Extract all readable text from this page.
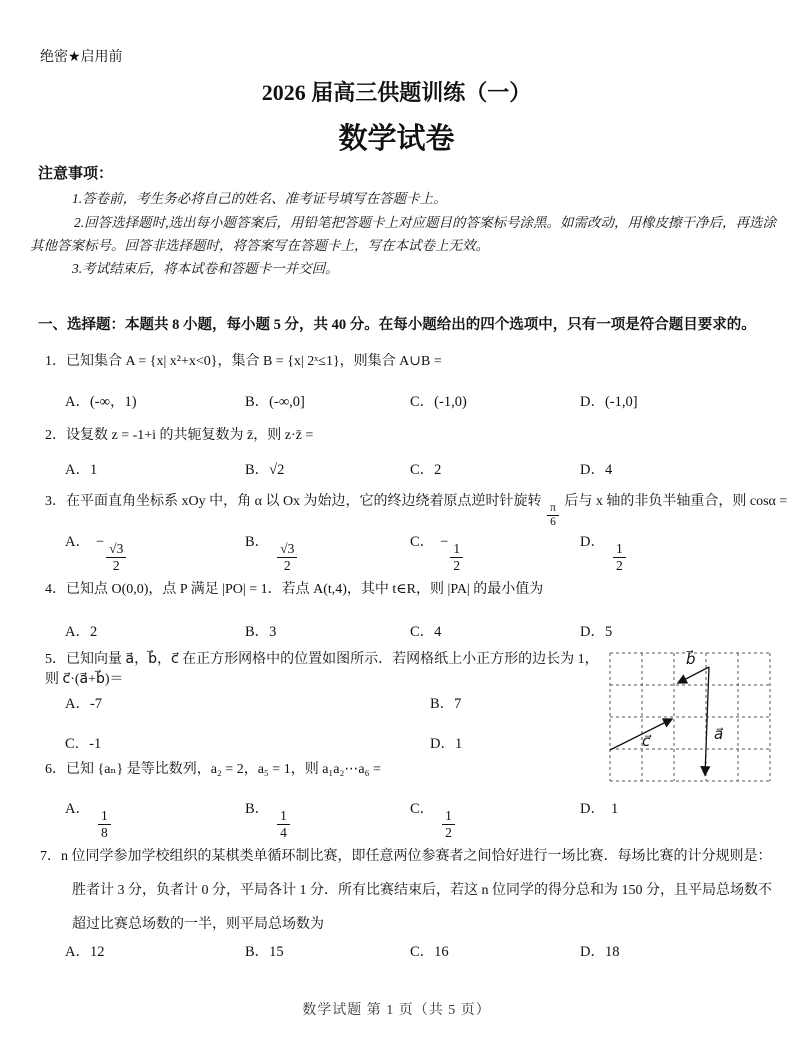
绝密★启用前
2026 届高三供题训练（一）
数学试卷
注意事项：
1.答卷前，考生务必将自己的姓名、准考证号填写在答题卡上。
2.回答选择题时,选出每小题答案后，用铅笔把答题卡上对应题目的答案标号涂黑。如需改动，用橡皮擦干净后，再选涂其他答案标号。回答非选择题时，将答案写在答题卡上，写在本试卷上无效。
3.考试结束后，将本试卷和答题卡一并交回。
一、选择题：本题共 8 小题，每小题 5 分，共 40 分。在每小题给出的四个选项中，只有一项是符合题目要求的。
1．已知集合 A = {x| x²+x<0}，集合 B = {x| 2ˣ≤1}，则集合 A∪B =
A．(-∞，1)	B．(-∞,0]	C．(-1,0)	D．(-1,0]
2．设复数 z = -1+i 的共轭复数为 z̄，则 z·z̄ =
A．1	B．√2	C．2	D．4
3．在平面直角坐标系 xOy 中，角 α 以 Ox 为始边，它的终边绕着原点逆时针旋转
$\frac{\pi}{6}$
后与 x 轴的非负半轴重合，则 cosα =
A． − $\frac{√3}{2}$	B． $\frac{√3}{2}$	C． − $\frac{1}{2}$	D． $\frac{1}{2}$
4．已知点 O(0,0)，点 P 满足 |PO| = 1．若点 A(t,4)，其中 t∈R，则 |PA| 的最小值为
A．2	B．3	C．4	D．5
5．已知向量 a⃗，b⃗，c⃗ 在正方形网格中的位置如图所示．若网格纸上小正方形的边长为 1，则 c⃗·(a⃗+b⃗)＝
b⃗
a⃗
c⃗
A．-7	B．7
C．-1	D．1
6．已知 {aₙ} 是等比数列，a₂ = 2，a₅ = 1，则 a₁a₂⋯a₆ =
A． $\frac{1}{8}$	B． $\frac{1}{4}$	C． $\frac{1}{2}$	D． 1
7．n 位同学参加学校组织的某棋类单循环制比赛，即任意两位参赛者之间恰好进行一场比赛．每场比赛的计分规则是：胜者计 3 分，负者计 0 分，平局各计 1 分．所有比赛结束后，若这 n 位同学的得分总和为 150 分，且平局总场数不超过比赛总场数的一半，则平局总场数为
A．12	B．15	C．16	D．18
数学试题 第 1 页（共 5 页）
